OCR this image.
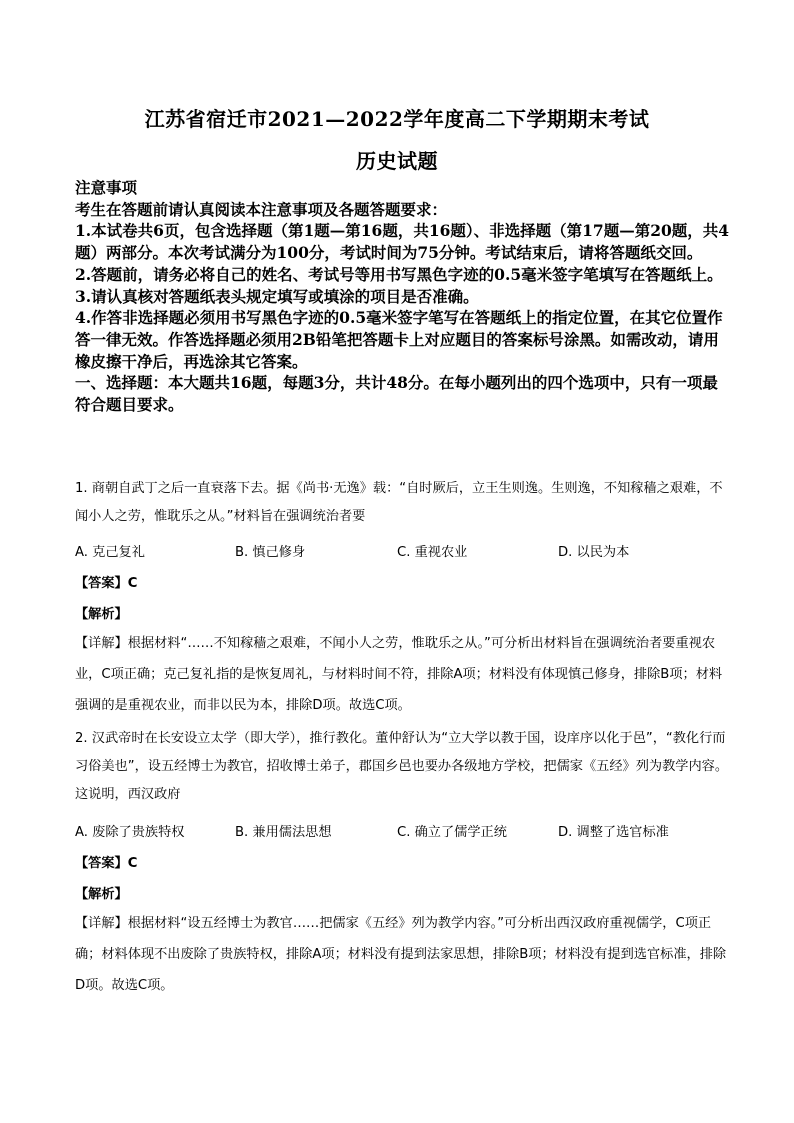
江苏省宿迁市2021—2022学年度高二下学期期末考试
历史试题

注意事项

考生在答题前请认真阅读本注意事项及各题答题要求：

1.本试卷共6页，包含选择题（第1题—第16题，共16题）、非选择题（第17题—第20题，共4题）两部分。本次考试满分为100分，考试时间为75分钟。考试结束后，请将答题纸交回。

2.答题前，请务必将自己的姓名、考试号等用书写黑色字迹的0.5毫米签字笔填写在答题纸上。

3.请认真核对答题纸表头规定填写或填涂的项目是否准确。

4.作答非选择题必须用书写黑色字迹的0.5毫米签字笔写在答题纸上的指定位置，在其它位置作答一律无效。作答选择题必须用2B铅笔把答题卡上对应题目的答案标号涂黑。如需改动，请用橡皮擦干净后，再选涂其它答案。

一、选择题：本大题共16题，每题3分，共计48分。在每小题列出的四个选项中，只有一项最符合题目要求。

1. 商朝自武丁之后一直衰落下去。据《尚书·无逸》载：“自时厥后，立王生则逸。生则逸，不知稼穑之艰难，不闻小人之劳，惟耽乐之从。”材料旨在强调统治者要

A. 克己复礼	B. 慎己修身	C. 重视农业	D. 以民为本
【答案】C
【解析】

【详解】根据材料“……不知稼穑之艰难，不闻小人之劳，惟耽乐之从。”可分析出材料旨在强调统治者要重视农业，C项正确；克己复礼指的是恢复周礼，与材料时间不符，排除A项；材料没有体现慎己修身，排除B项；材料强调的是重视农业，而非以民为本，排除D项。故选C项。

2. 汉武帝时在长安设立太学（即大学），推行教化。董仲舒认为“立大学以教于国，设庠序以化于邑”，“教化行而习俗美也”，设五经博士为教官，招收博士弟子，郡国乡邑也要办各级地方学校，把儒家《五经》列为教学内容。这说明，西汉政府

A. 废除了贵族特权	B. 兼用儒法思想	C. 确立了儒学正统	D. 调整了选官标准
【答案】C
【解析】

【详解】根据材料“设五经博士为教官……把儒家《五经》列为教学内容。”可分析出西汉政府重视儒学，C项正确；材料体现不出废除了贵族特权，排除A项；材料没有提到法家思想，排除B项；材料没有提到选官标准，排除D项。故选C项。
